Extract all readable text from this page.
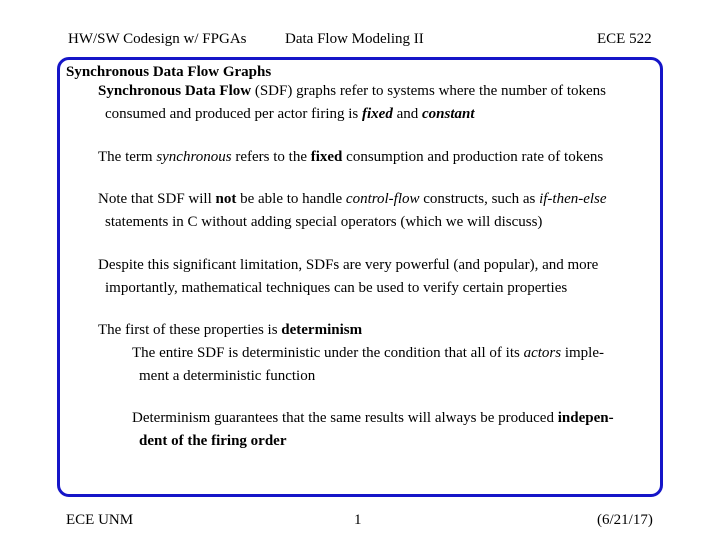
HW/SW Codesign w/ FPGAs	Data Flow Modeling II	ECE 522
Synchronous Data Flow Graphs
Synchronous Data Flow (SDF) graphs refer to systems where the number of tokens
consumed and produced per actor firing is fixed and constant
The term synchronous refers to the fixed consumption and production rate of tokens
Note that SDF will not be able to handle control-flow constructs, such as if-then-else
statements in C without adding special operators (which we will discuss)
Despite this significant limitation, SDFs are very powerful (and popular), and more
importantly, mathematical techniques can be used to verify certain properties
The first of these properties is determinism
The entire SDF is deterministic under the condition that all of its actors imple-
ment a deterministic function
Determinism guarantees that the same results will always be produced indepen-
dent of the firing order
ECE UNM	1	(6/21/17)
